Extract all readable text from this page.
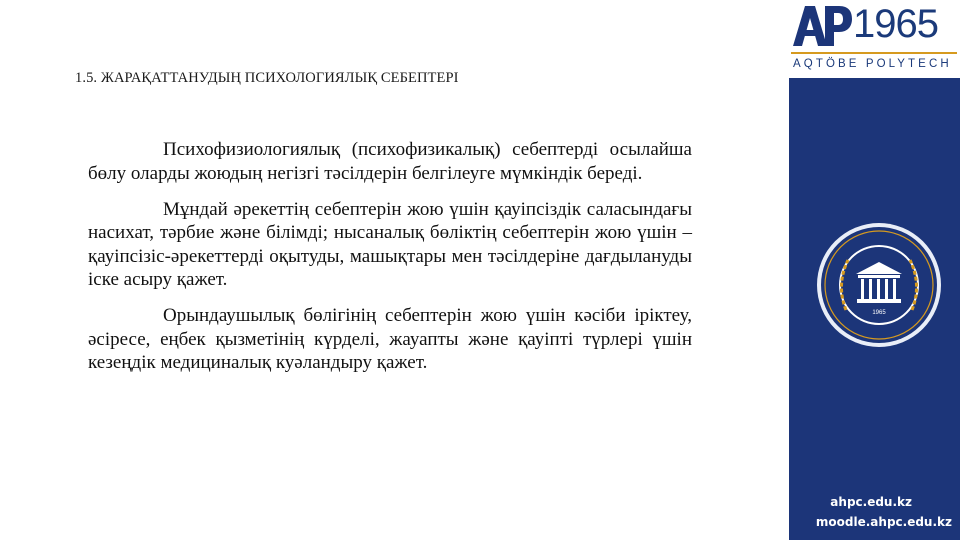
1.5. ЖАРАҚАТТАНУДЫҢ ПСИХОЛОГИЯЛЫҚ СЕБЕПТЕРІ

Психофизиологиялық (психофизикалық) себептерді осылайша бөлу оларды жоюдың негізгі тәсілдерін белгілеуге мүмкіндік береді.

Мұндай әрекеттің себептерін жою үшін қауіпсіздік саласындағы насихат, тәрбие және білімді; нысаналық бөліктің себептерін жою үшін –қауіпсізіс-әрекеттерді оқытуды, машықтары мен тәсілдеріне дағдылануды іске асыру қажет.

Орындаушылық бөлігінің себептерін жою үшін кәсіби іріктеу, әсіресе, еңбек қызметінің күрделі, жауапты және қауіпті түрлері үшін кезеңдік медициналық куәландыру қажет.

1965
AQTÖBE POLYTECH
1965
ahpc.edu.kz
moodle.ahpc.edu.kz
